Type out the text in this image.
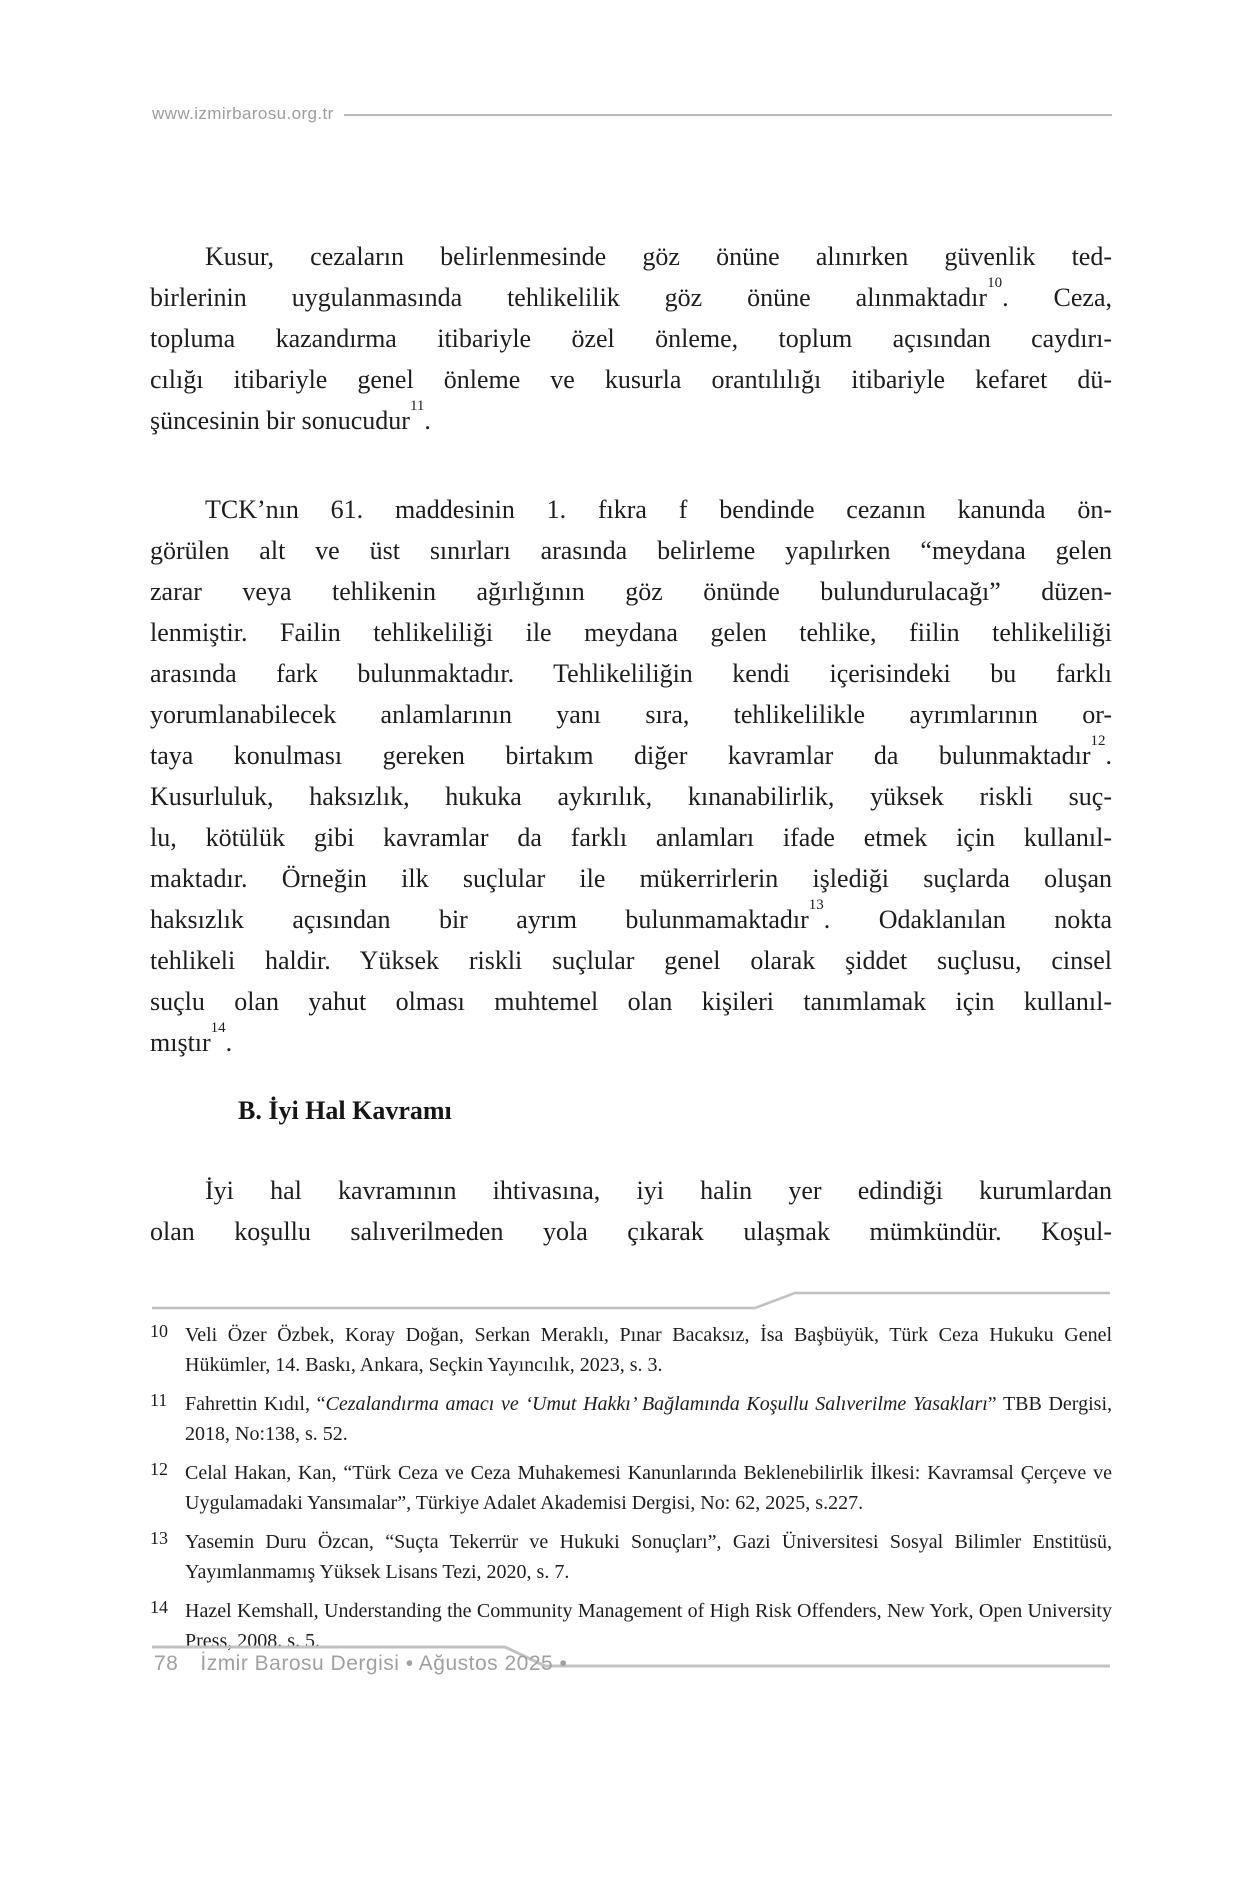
www.izmirbarosu.org.tr
Kusur, cezaların belirlenmesinde göz önüne alınırken güvenlik ted-
birlerinin uygulanmasında tehlikelilik göz önüne alınmaktadır$^{10}$. Ceza,
topluma kazandırma itibariyle özel önleme, toplum açısından caydırı-
cılığı itibariyle genel önleme ve kusurla orantılılığı itibariyle kefaret dü-
şüncesinin bir sonucudur$^{11}$.
TCK’nın 61. maddesinin 1. fıkra f bendinde cezanın kanunda ön-
görülen alt ve üst sınırları arasında belirleme yapılırken “meydana gelen
zarar veya tehlikenin ağırlığının göz önünde bulundurulacağı” düzen-
lenmiştir. Failin tehlikeliliği ile meydana gelen tehlike, fiilin tehlikeliliği
arasında fark bulunmaktadır. Tehlikeliliğin kendi içerisindeki bu farklı
yorumlanabilecek anlamlarının yanı sıra, tehlikelilikle ayrımlarının or-
taya konulması gereken birtakım diğer kavramlar da bulunmaktadır$^{12}$.
Kusurluluk, haksızlık, hukuka aykırılık, kınanabilirlik, yüksek riskli suç-
lu, kötülük gibi kavramlar da farklı anlamları ifade etmek için kullanıl-
maktadır. Örneğin ilk suçlular ile mükerrirlerin işlediği suçlarda oluşan
haksızlık açısından bir ayrım bulunmamaktadır$^{13}$. Odaklanılan nokta
tehlikeli haldir. Yüksek riskli suçlular genel olarak şiddet suçlusu, cinsel
suçlu olan yahut olması muhtemel olan kişileri tanımlamak için kullanıl-
mıştır$^{14}$.
B. İyi Hal Kavramı
İyi hal kavramının ihtivasına, iyi halin yer edindiği kurumlardan
olan koşullu salıverilmeden yola çıkarak ulaşmak mümkündür. Koşul-
10 Veli Özer Özbek, Koray Doğan, Serkan Meraklı, Pınar Bacaksız, İsa Başbüyük, Türk Ceza Hukuku Genel Hükümler, 14. Baskı, Ankara, Seçkin Yayıncılık, 2023, s. 3.
11 Fahrettin Kıdıl, “Cezalandırma amacı ve ‘Umut Hakkı’ Bağlamında Koşullu Salıverilme Yasakları” TBB Dergisi, 2018, No:138, s. 52.
12 Celal Hakan, Kan, “Türk Ceza ve Ceza Muhakemesi Kanunlarında Beklenebilirlik İlkesi: Kavramsal Çerçeve ve Uygulamadaki Yansımalar”, Türkiye Adalet Akademisi Dergisi, No: 62, 2025, s.227.
13 Yasemin Duru Özcan, “Suçta Tekerrür ve Hukuki Sonuçları”, Gazi Üniversitesi Sosyal Bilimler Enstitüsü, Yayımlanmamış Yüksek Lisans Tezi, 2020, s. 7.
14 Hazel Kemshall, Understanding the Community Management of High Risk Offenders, New York, Open University Press, 2008. s. 5.
78 İzmir Barosu Dergisi • Ağustos 2025 •
